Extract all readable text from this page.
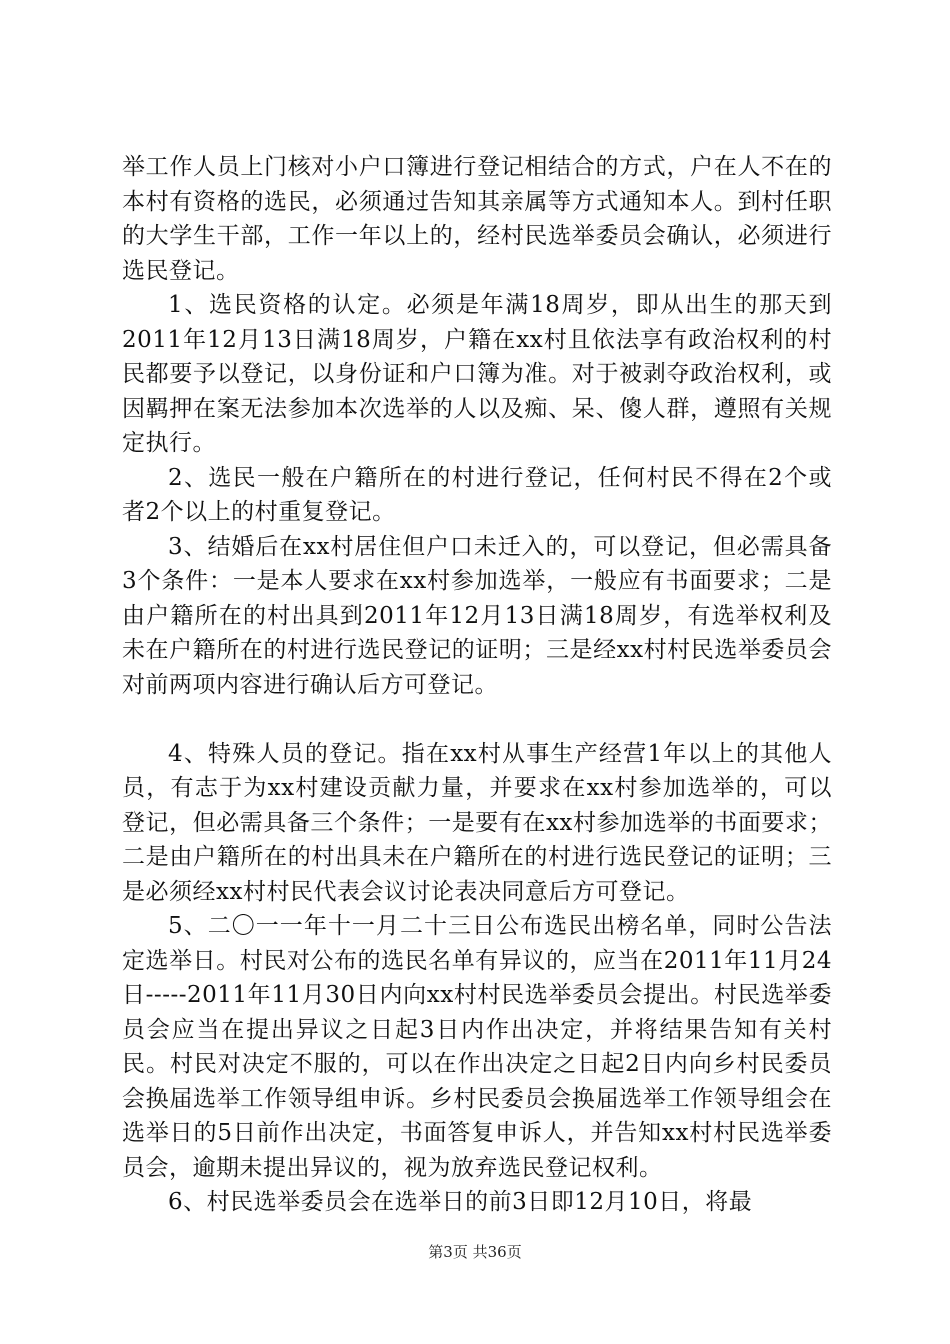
举工作人员上门核对小户口簿进行登记相结合的方式，户在人不在的本村有资格的选民，必须通过告知其亲属等方式通知本人。到村任职的大学生干部，工作一年以上的，经村民选举委员会确认，必须进行选民登记。

1、选民资格的认定。必须是年满18周岁，即从出生的那天到2011年12月13日满18周岁，户籍在xx村且依法享有政治权利的村民都要予以登记，以身份证和户口簿为准。对于被剥夺政治权利，或因羁押在案无法参加本次选举的人以及痴、呆、傻人群，遵照有关规定执行。

2、选民一般在户籍所在的村进行登记，任何村民不得在2个或者2个以上的村重复登记。

3、结婚后在xx村居住但户口未迁入的，可以登记，但必需具备3个条件：一是本人要求在xx村参加选举，一般应有书面要求；二是由户籍所在的村出具到2011年12月13日满18周岁，有选举权利及未在户籍所在的村进行选民登记的证明；三是经xx村村民选举委员会对前两项内容进行确认后方可登记。

4、特殊人员的登记。指在xx村从事生产经营1年以上的其他人员，有志于为xx村建设贡献力量，并要求在xx村参加选举的，可以登记，但必需具备三个条件；一是要有在xx村参加选举的书面要求；二是由户籍所在的村出具未在户籍所在的村进行选民登记的证明；三是必须经xx村村民代表会议讨论表决同意后方可登记。

5、二〇一一年十一月二十三日公布选民出榜名单，同时公告法定选举日。村民对公布的选民名单有异议的，应当在2011年11月24日-----2011年11月30日内向xx村村民选举委员会提出。村民选举委员会应当在提出异议之日起3日内作出决定，并将结果告知有关村民。村民对决定不服的，可以在作出决定之日起2日内向乡村民委员会换届选举工作领导组申诉。乡村民委员会换届选举工作领导组会在选举日的5日前作出决定，书面答复申诉人，并告知xx村村民选举委员会，逾期未提出异议的，视为放弃选民登记权利。

6、村民选举委员会在选举日的前3日即12月10日，将最

第3页 共36页
